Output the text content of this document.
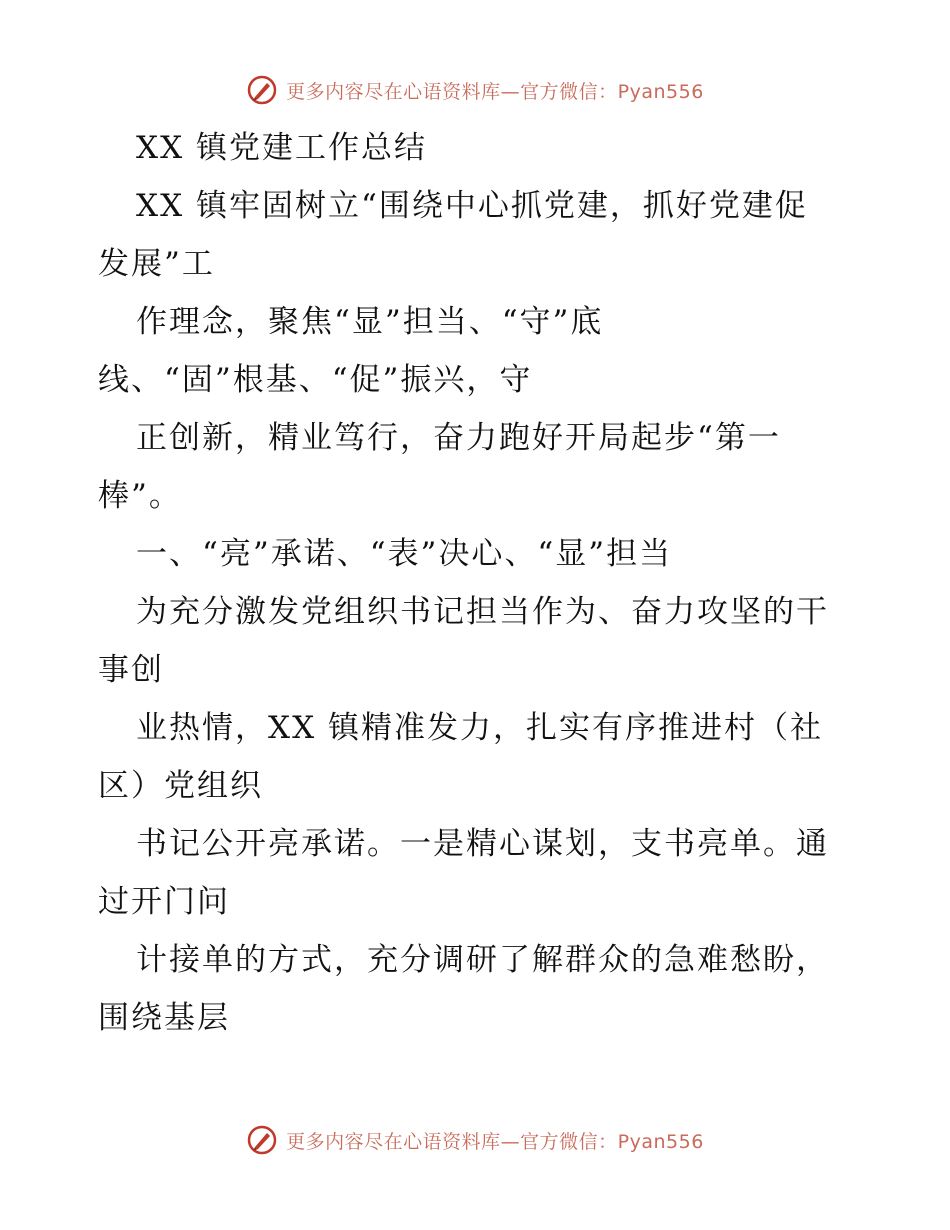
更多内容尽在心语资料库—官方微信：Pyan556
XX 镇党建工作总结
XX 镇牢固树立“围绕中心抓党建，抓好党建促
发展”工
作理念，聚焦“显”担当、“守”底
线、“固”根基、“促”振兴，守
正创新，精业笃行，奋力跑好开局起步“第一
棒”。
一、“亮”承诺、“表”决心、“显”担当
为充分激发党组织书记担当作为、奋力攻坚的干
事创
业热情，XX 镇精准发力，扎实有序推进村（社
区）党组织
书记公开亮承诺。一是精心谋划，支书亮单。通
过开门问
计接单的方式，充分调研了解群众的急难愁盼，
围绕基层
更多内容尽在心语资料库—官方微信：Pyan556
